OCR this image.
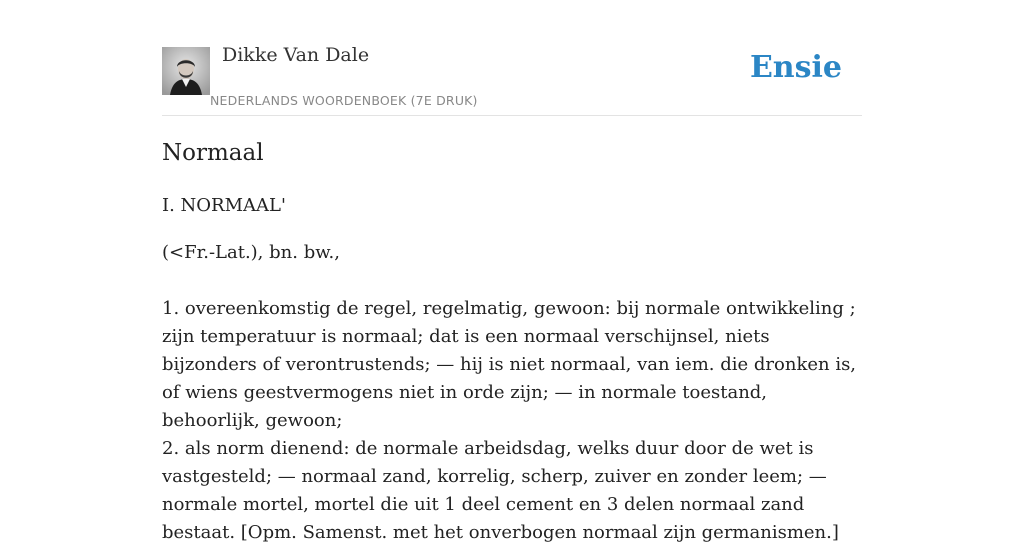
Dikke Van Dale
NEDERLANDS WOORDENBOEK (7E DRUK)
Ensie
Normaal
I. NORMAAL'
(<Fr.-Lat.), bn. bw.,

1. overeenkomstig de regel, regelmatig, gewoon: bij normale ontwikkeling ; zijn temperatuur is normaal; dat is een normaal verschijnsel, niets bijzonders of verontrustends; — hij is niet normaal, van iem. die dronken is, of wiens geestvermogens niet in orde zijn; — in normale toestand, behoorlijk, gewoon;

2. als norm dienend: de normale arbeidsdag, welks duur door de wet is vastgesteld; — normaal zand, korrelig, scherp, zuiver en zonder leem; — normale mortel, mortel die uit 1 deel cement en 3 delen normaal zand bestaat. [Opm. Samenst. met het onverbogen normaal zijn germanismen.]
